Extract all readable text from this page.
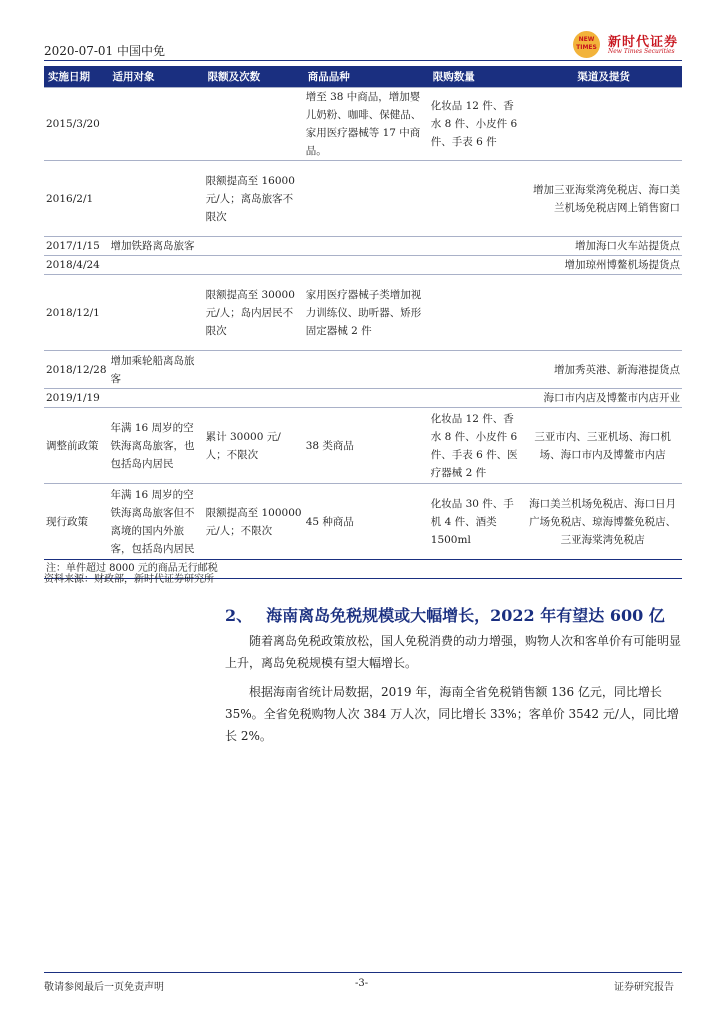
2020-07-01 中国中免
NEW TIMES 新时代证券
New Times Securities
实施日期	适用对象	限额及次数	商品品种	限购数量	渠道及提货
2015/3/20			增至 38 中商品，增加婴儿奶粉、咖啡、保健品、家用医疗器械等 17 中商品。	化妆品 12 件、香水 8 件、小皮件 6 件、手表 6 件	
2016/2/1		限额提高至 16000 元/人；离岛旅客不限次			增加三亚海棠湾免税店、海口美兰机场免税店网上销售窗口
2017/1/15	增加铁路离岛旅客				增加海口火车站提货点
2018/4/24					增加琼州博鳌机场提货点
2018/12/1		限额提高至 30000 元/人；岛内居民不限次	家用医疗器械子类增加视力训练仪、助听器、矫形固定器械 2 件		
2018/12/28	增加乘轮船离岛旅客				增加秀英港、新海港提货点
2019/1/19					海口市内店及博鳌市内店开业
调整前政策	年满 16 周岁的空铁海离岛旅客，也包括岛内居民	累计 30000 元/人；不限次	38 类商品	化妆品 12 件、香水 8 件、小皮件 6 件、手表 6 件、医疗器械 2 件	三亚市内、三亚机场、海口机场、海口市内及博鳌市内店
现行政策	年满 16 周岁的空铁海离岛旅客但不离境的国内外旅客，包括岛内居民	限额提高至 100000 元/人；不限次	45 种商品	化妆品 30 件、手机 4 件、酒类 1500ml	海口美兰机场免税店、海口日月广场免税店、琼海博鳌免税店、三亚海棠湾免税店
注：单件超过 8000 元的商品无行邮税					
资料来源：财政部，新时代证券研究所
2、 海南离岛免税规模或大幅增长，2022 年有望达 600 亿
随着离岛免税政策放松，国人免税消费的动力增强，购物人次和客单价有可能明显上升，离岛免税规模有望大幅增长。
根据海南省统计局数据，2019 年，海南全省免税销售额 136 亿元，同比增长 35%。全省免税购物人次 384 万人次，同比增长 33%；客单价 3542 元/人，同比增长 2%。
敬请参阅最后一页免责声明	-3-	证券研究报告
